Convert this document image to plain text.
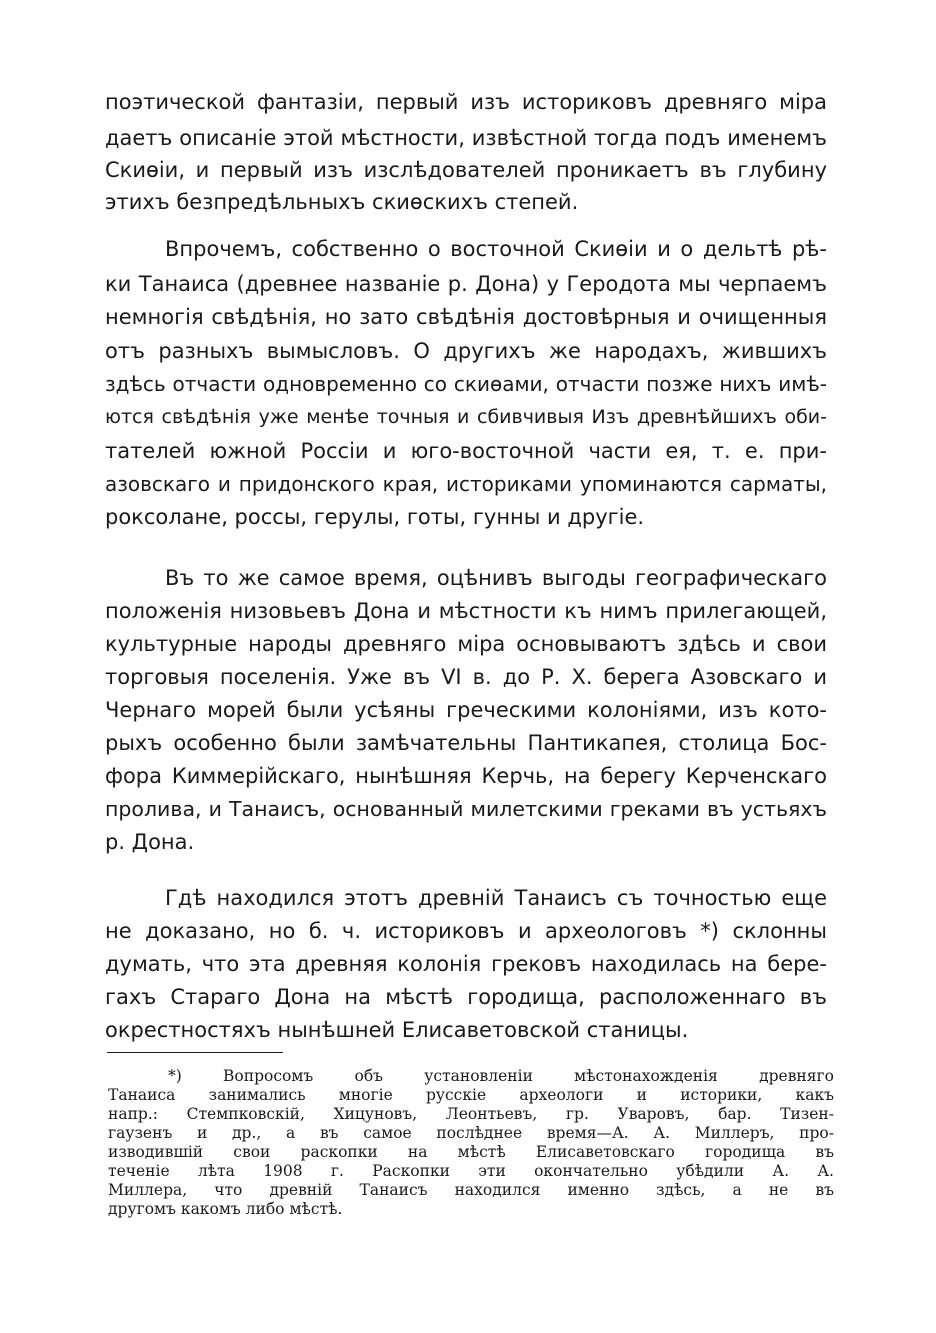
поэтической фантазіи, первый изъ историковъ древняго міра
даетъ описаніе этой мѣстности, извѣстной тогда подъ именемъ
Скиѳіи, и первый изъ изслѣдователей проникаетъ въ глубину
этихъ безпредѣльныхъ скиѳскихъ степей.
Впрочемъ, собственно о восточной Скиѳіи и о дельтѣ рѣ-
ки Танаиса (древнее названіе р. Дона) у Геродота мы черпаемъ
немногія свѣдѣнія, но зато свѣдѣнія достовѣрныя и очищенныя
отъ разныхъ вымысловъ. О другихъ же народахъ, жившихъ
здѣсь отчасти одновременно со скиѳами, отчасти позже нихъ имѣ-
ются свѣдѣнія уже менѣе точныя и сбивчивыя Изъ древнѣйшихъ оби-
тателей южной Россіи и юго-восточной части ея, т. е. при-
азовскаго и придонского края, историками упоминаются сарматы,
роксолане, россы, герулы, готы, гунны и другіе.
Въ то же самое время, оцѣнивъ выгоды географическаго
положенія низовьевъ Дона и мѣстности къ нимъ прилегающей,
культурные народы древняго міра основываютъ здѣсь и свои
торговыя поселенія. Уже въ VI в. до Р. Х. берега Азовскаго и
Чернаго морей были усѣяны греческими колоніями, изъ кото-
рыхъ особенно были замѣчательны Пантикапея, столица Бос-
фора Киммерійскаго, нынѣшняя Керчь, на берегу Керченскаго
пролива, и Танаисъ, основанный милетскими греками въ устьяхъ
р. Дона.
Гдѣ находился этотъ древній Танаисъ съ точностью еще
не доказано, но б. ч. историковъ и археологовъ *) склонны
думать, что эта древняя колонія грековъ находилась на бере-
гахъ Стараго Дона на мѣстѣ городища, расположеннаго въ
окрестностяхъ нынѣшней Елисаветовской станицы.
*) Вопросомъ объ установленіи мѣстонахожденія древняго
Танаиса занимались многіе русскіе археологи и историки, какъ
напр.: Стемпковскій, Хицуновъ, Леонтьевъ, гр. Уваровъ, бар. Тизен-
гаузенъ и др., а въ самое послѣднее время—А. А. Миллеръ, про-
изводившій свои раскопки на мѣстѣ Елисаветовскаго городища въ
теченіе лѣта 1908 г. Раскопки эти окончательно убѣдили А. А.
Миллера, что древній Танаисъ находился именно здѣсь, а не въ
другомъ какомъ либо мѣстѣ.
